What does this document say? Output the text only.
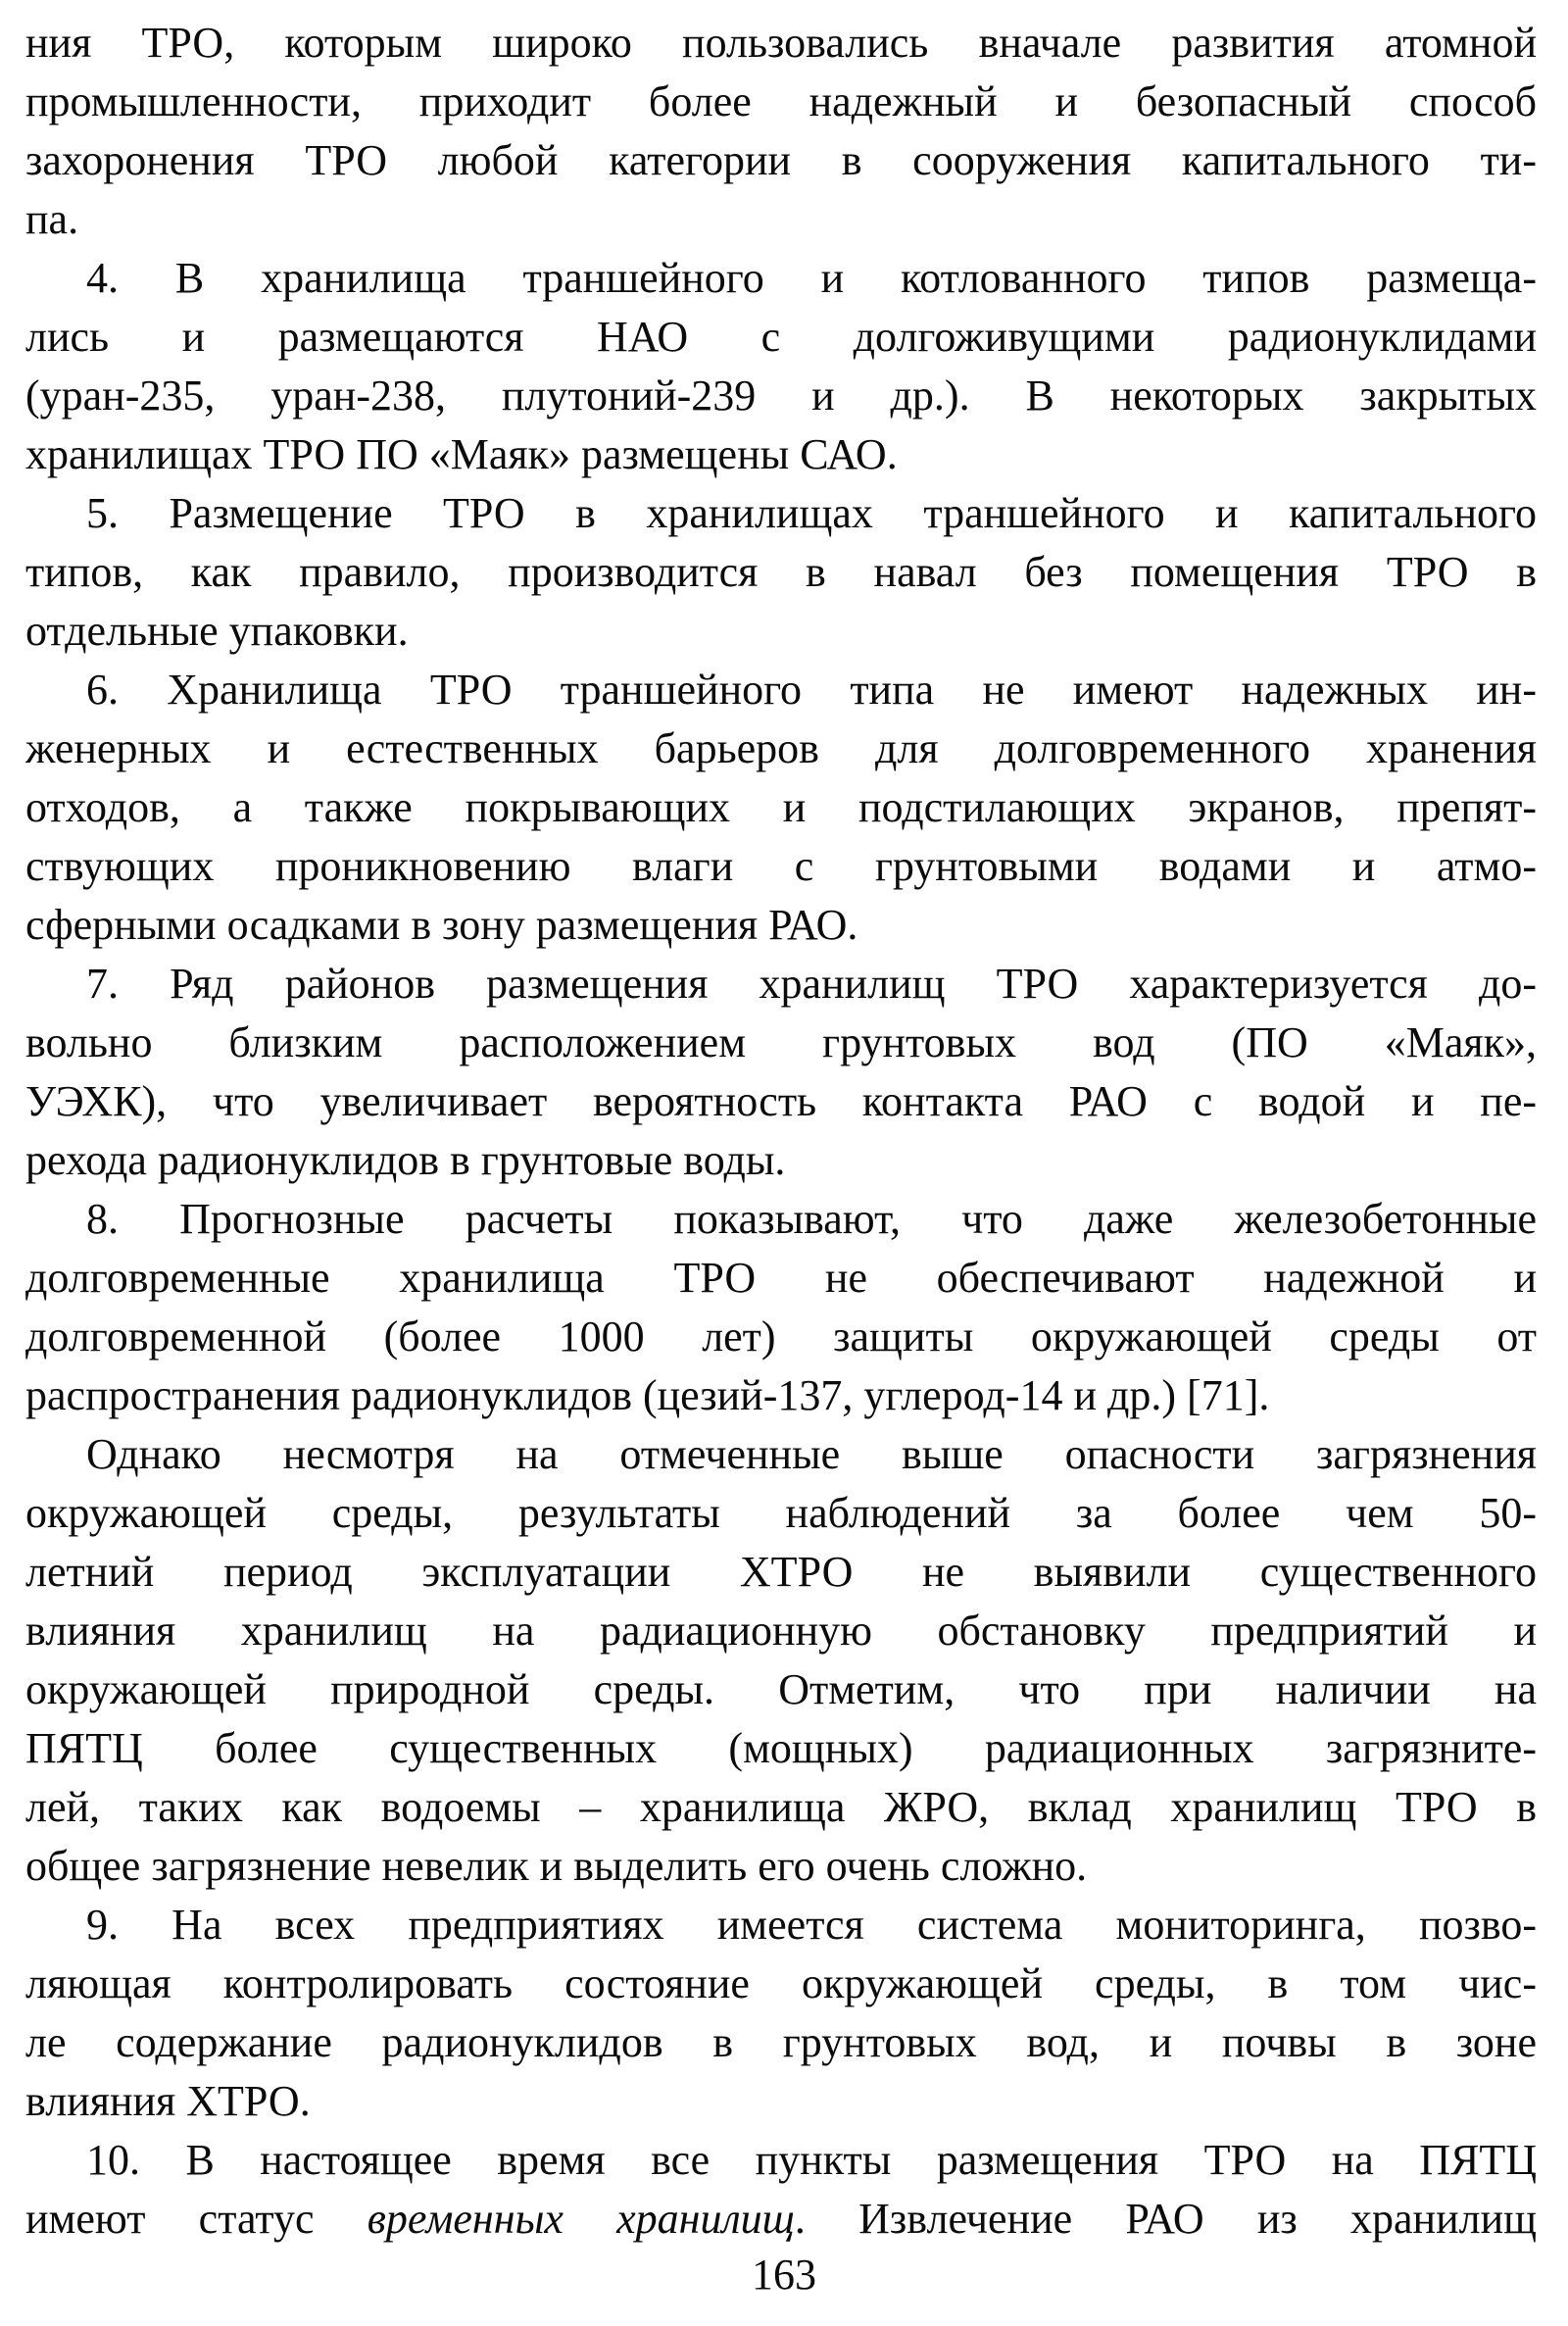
ния ТРО, которым широко пользовались вначале развития атомной
промышленности, приходит более надежный и безопасный способ
захоронения ТРО любой категории в сооружения капитального ти-
па.
4. В хранилища траншейного и котлованного типов размеща-
лись и размещаются НАО с долгоживущими радионуклидами
(уран-235, уран-238, плутоний-239 и др.). В некоторых закрытых
хранилищах ТРО ПО «Маяк» размещены САО.
5. Размещение ТРО в хранилищах траншейного и капитального
типов, как правило, производится в навал без помещения ТРО в
отдельные упаковки.
6. Хранилища ТРО траншейного типа не имеют надежных ин-
женерных и естественных барьеров для долговременного хранения
отходов, а также покрывающих и подстилающих экранов, препят-
ствующих проникновению влаги с грунтовыми водами и атмо-
сферными осадками в зону размещения РАО.
7. Ряд районов размещения хранилищ ТРО характеризуется до-
вольно близким расположением грунтовых вод (ПО «Маяк»,
УЭХК), что увеличивает вероятность контакта РАО с водой и пе-
рехода радионуклидов в грунтовые воды.
8. Прогнозные расчеты показывают, что даже железобетонные
долговременные хранилища ТРО не обеспечивают надежной и
долговременной (более 1000 лет) защиты окружающей среды от
распространения радионуклидов (цезий-137, углерод-14 и др.) [71].
Однако несмотря на отмеченные выше опасности загрязнения
окружающей среды, результаты наблюдений за более чем 50-
летний период эксплуатации ХТРО не выявили существенного
влияния хранилищ на радиационную обстановку предприятий и
окружающей природной среды. Отметим, что при наличии на
ПЯТЦ более существенных (мощных) радиационных загрязните-
лей, таких как водоемы – хранилища ЖРО, вклад хранилищ ТРО в
общее загрязнение невелик и выделить его очень сложно.
9. На всех предприятиях имеется система мониторинга, позво-
ляющая контролировать состояние окружающей среды, в том чис-
ле содержание радионуклидов в грунтовых вод, и почвы в зоне
влияния ХТРО.
10. В настоящее время все пункты размещения ТРО на ПЯТЦ
имеют статус временных хранилищ. Извлечение РАО из хранилищ
163
